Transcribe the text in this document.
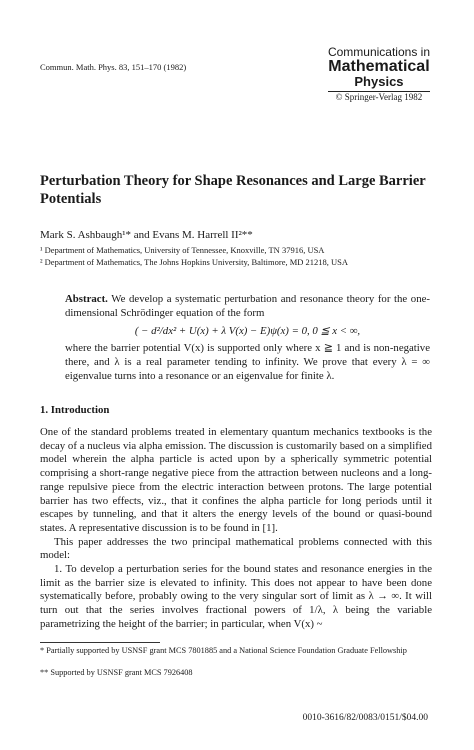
Commun. Math. Phys. 83, 151–170 (1982)
Communications in
Mathematical
Physics
© Springer-Verlag 1982
Perturbation Theory for Shape Resonances and Large Barrier Potentials
Mark S. Ashbaugh¹* and Evans M. Harrell II²**
¹ Department of Mathematics, University of Tennessee, Knoxville, TN 37916, USA
² Department of Mathematics, The Johns Hopkins University, Baltimore, MD 21218, USA
Abstract. We develop a systematic perturbation and resonance theory for the one-dimensional Schrödinger equation of the form
( − d²/dx² + U(x) + λ V(x) − E)ψ(x) = 0, 0 ≦ x < ∞,
where the barrier potential V(x) is supported only where x ≧ 1 and is non-negative there, and λ is a real parameter tending to infinity. We prove that every λ = ∞ eigenvalue turns into a resonance or an eigenvalue for finite λ.
1. Introduction

One of the standard problems treated in elementary quantum mechanics textbooks is the decay of a nucleus via alpha emission. The discussion is customarily based on a simplified model wherein the alpha particle is acted upon by a spherically symmetric potential comprising a short-range negative piece from the attraction between nucleons and a long-range repulsive piece from the electric interaction between protons. The large potential barrier has two effects, viz., that it confines the alpha particle for long periods until it escapes by tunneling, and that it alters the energy levels of the bound or quasi-bound states. A representative discussion is to be found in [1].

This paper addresses the two principal mathematical problems connected with this model:

1. To develop a perturbation series for the bound states and resonance energies in the limit as the barrier size is elevated to infinity. This does not appear to have been done systematically before, probably owing to the very singular sort of limit as λ → ∞. It will turn out that the series involves fractional powers of 1/λ, λ being the variable parametrizing the height of the barrier; in particular, when V(x) ~

* Partially supported by USNSF grant MCS 7801885 and a National Science Foundation Graduate Fellowship
** Supported by USNSF grant MCS 7926408
0010-3616/82/0083/0151/$04.00
